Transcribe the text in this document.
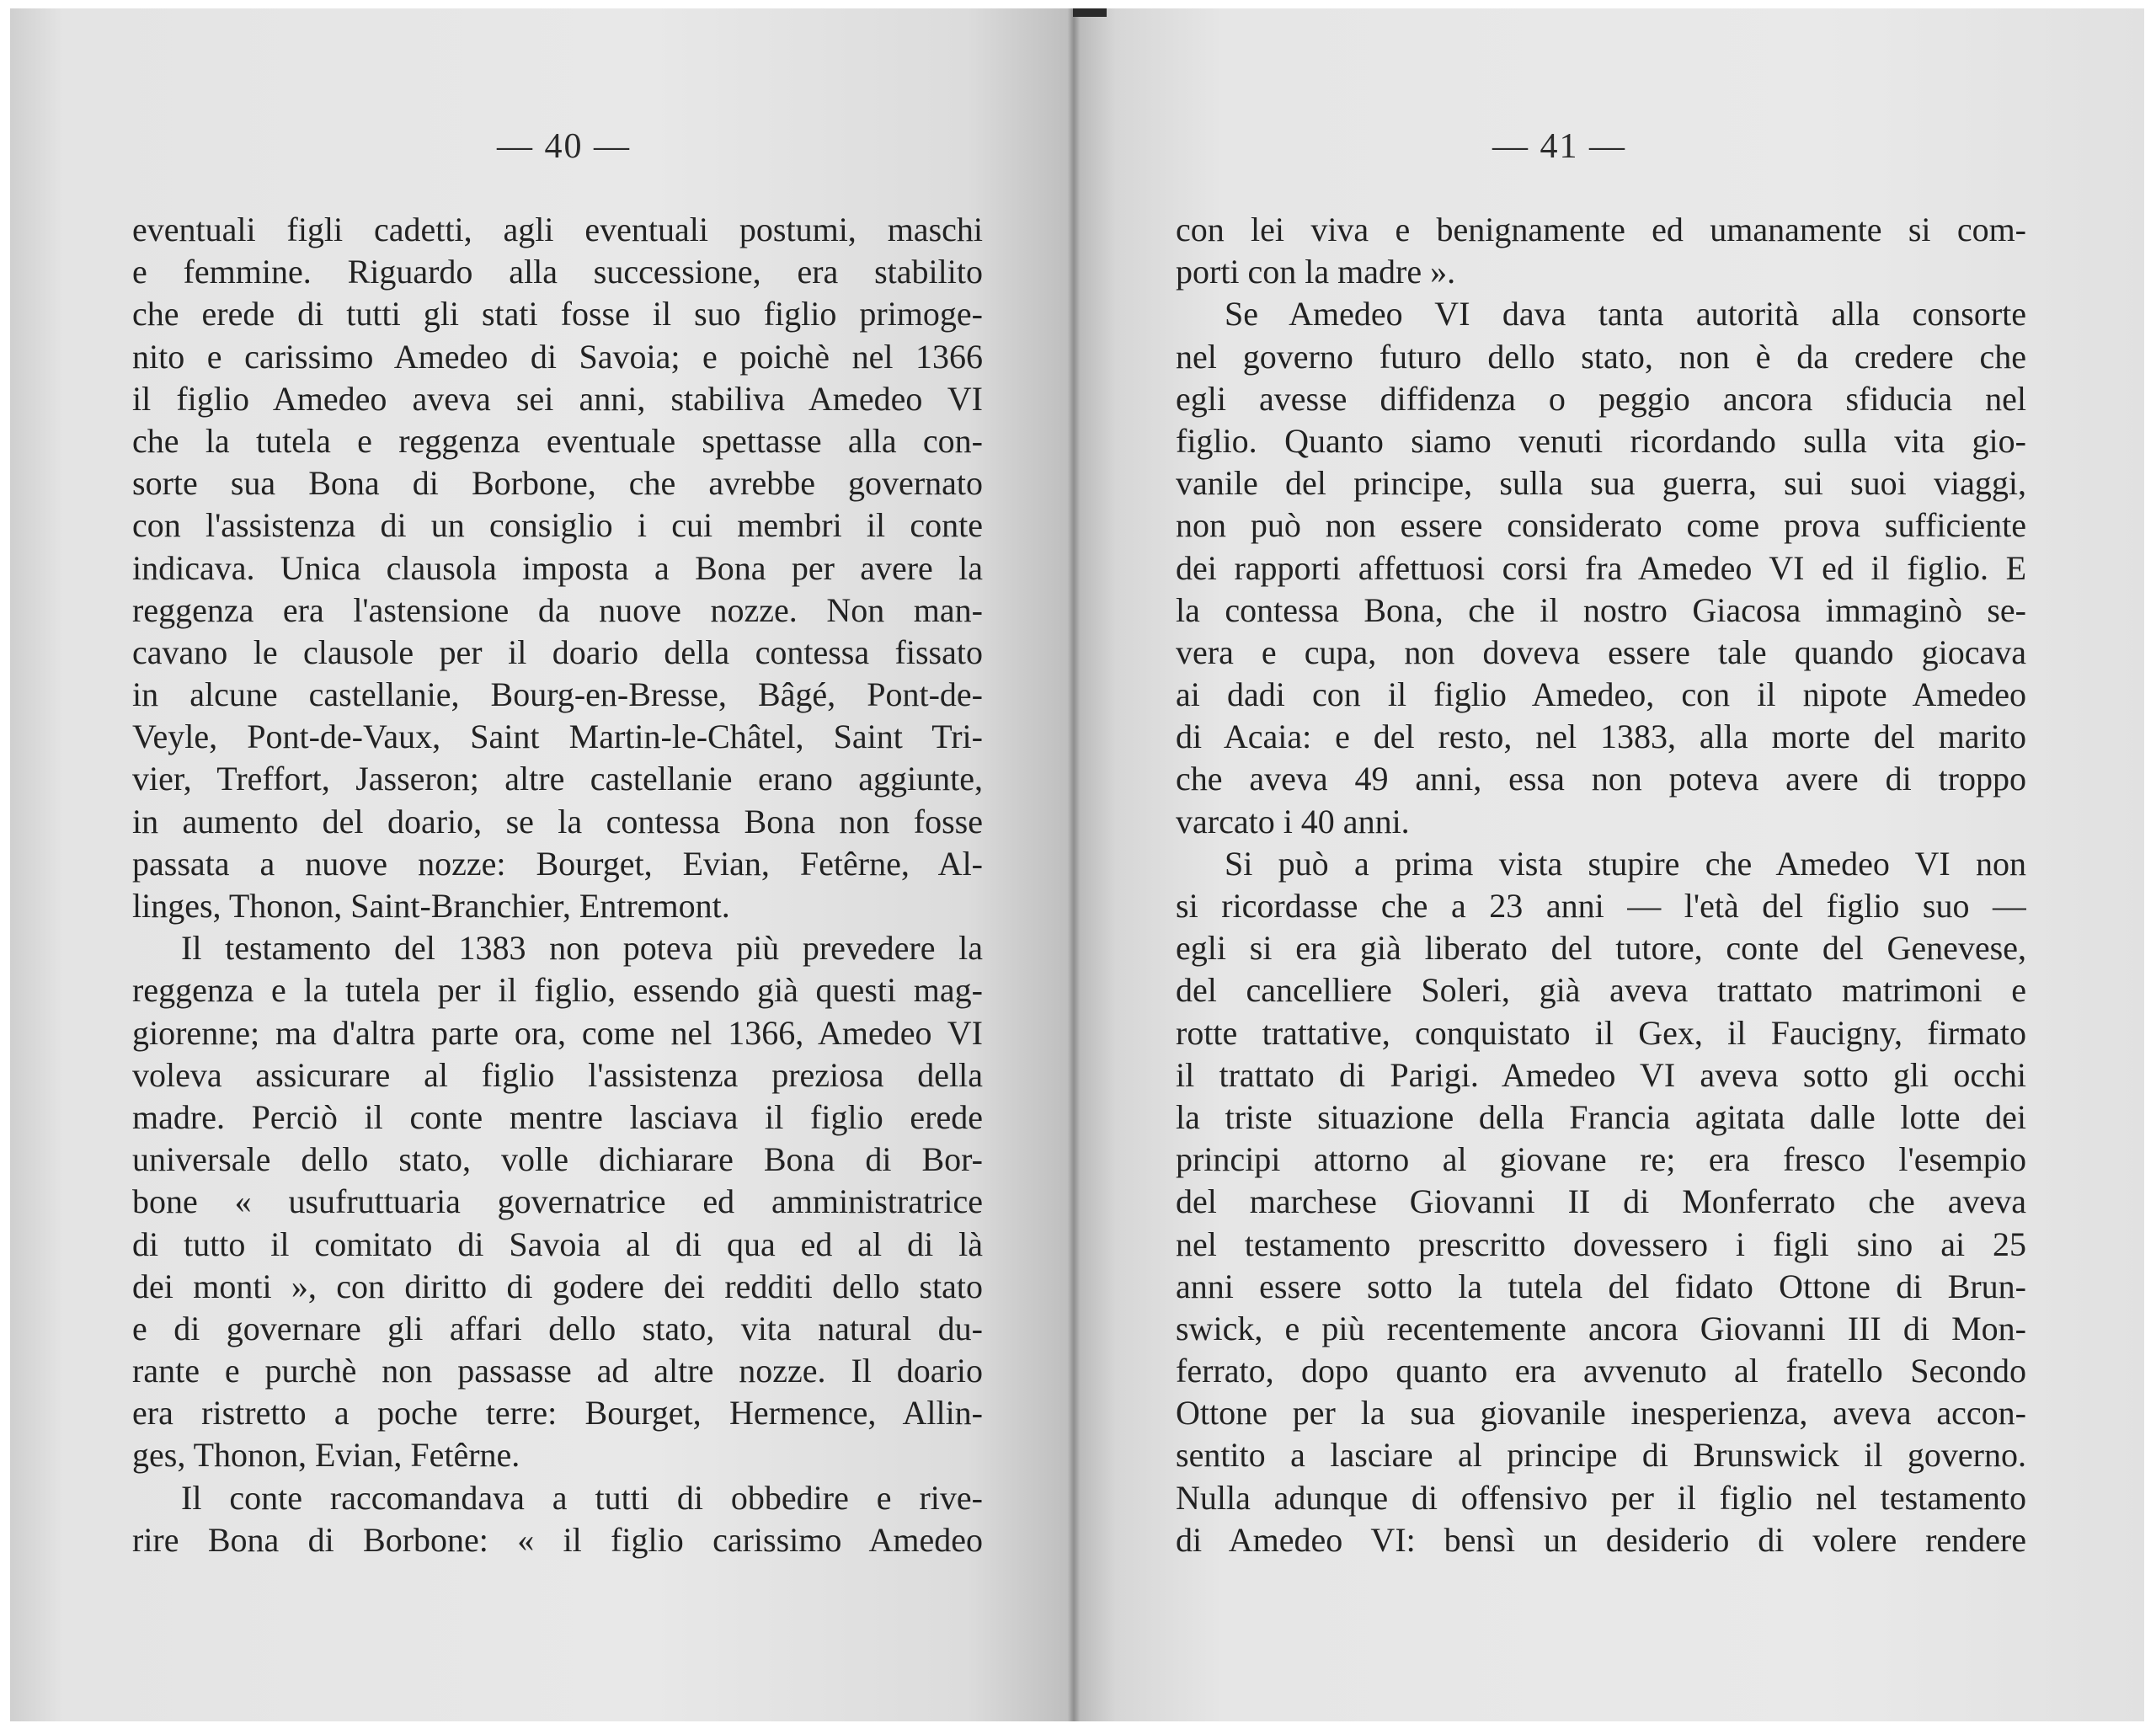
— 40 —
eventuali figli cadetti, agli eventuali postumi, maschi
e femmine. Riguardo alla successione, era stabilito
che erede di tutti gli stati fosse il suo figlio primoge-
nito e carissimo Amedeo di Savoia; e poichè nel 1366
il figlio Amedeo aveva sei anni, stabiliva Amedeo VI
che la tutela e reggenza eventuale spettasse alla con-
sorte sua Bona di Borbone, che avrebbe governato
con l'assistenza di un consiglio i cui membri il conte
indicava. Unica clausola imposta a Bona per avere la
reggenza era l'astensione da nuove nozze. Non man-
cavano le clausole per il doario della contessa fissato
in alcune castellanie, Bourg-en-Bresse, Bâgé, Pont-de-
Veyle, Pont-de-Vaux, Saint Martin-le-Châtel, Saint Tri-
vier, Treffort, Jasseron; altre castellanie erano aggiunte,
in aumento del doario, se la contessa Bona non fosse
passata a nuove nozze: Bourget, Evian, Fetêrne, Al-
linges, Thonon, Saint-Branchier, Entremont.
Il testamento del 1383 non poteva più prevedere la
reggenza e la tutela per il figlio, essendo già questi mag-
giorenne; ma d'altra parte ora, come nel 1366, Amedeo VI
voleva assicurare al figlio l'assistenza preziosa della
madre. Perciò il conte mentre lasciava il figlio erede
universale dello stato, volle dichiarare Bona di Bor-
bone « usufruttuaria governatrice ed amministratrice
di tutto il comitato di Savoia al di qua ed al di là
dei monti », con diritto di godere dei redditi dello stato
e di governare gli affari dello stato, vita natural du-
rante e purchè non passasse ad altre nozze. Il doario
era ristretto a poche terre: Bourget, Hermence, Allin-
ges, Thonon, Evian, Fetêrne.
Il conte raccomandava a tutti di obbedire e rive-
rire Bona di Borbone: « il figlio carissimo Amedeo
— 41 —
con lei viva e benignamente ed umanamente si com-
porti con la madre ».
Se Amedeo VI dava tanta autorità alla consorte
nel governo futuro dello stato, non è da credere che
egli avesse diffidenza o peggio ancora sfiducia nel
figlio. Quanto siamo venuti ricordando sulla vita gio-
vanile del principe, sulla sua guerra, sui suoi viaggi,
non può non essere considerato come prova sufficiente
dei rapporti affettuosi corsi fra Amedeo VI ed il figlio. E
la contessa Bona, che il nostro Giacosa immaginò se-
vera e cupa, non doveva essere tale quando giocava
ai dadi con il figlio Amedeo, con il nipote Amedeo
di Acaia: e del resto, nel 1383, alla morte del marito
che aveva 49 anni, essa non poteva avere di troppo
varcato i 40 anni.
Si può a prima vista stupire che Amedeo VI non
si ricordasse che a 23 anni — l'età del figlio suo —
egli si era già liberato del tutore, conte del Genevese,
del cancelliere Soleri, già aveva trattato matrimoni e
rotte trattative, conquistato il Gex, il Faucigny, firmato
il trattato di Parigi. Amedeo VI aveva sotto gli occhi
la triste situazione della Francia agitata dalle lotte dei
principi attorno al giovane re; era fresco l'esempio
del marchese Giovanni II di Monferrato che aveva
nel testamento prescritto dovessero i figli sino ai 25
anni essere sotto la tutela del fidato Ottone di Brun-
swick, e più recentemente ancora Giovanni III di Mon-
ferrato, dopo quanto era avvenuto al fratello Secondo
Ottone per la sua giovanile inesperienza, aveva accon-
sentito a lasciare al principe di Brunswick il governo.
Nulla adunque di offensivo per il figlio nel testamento
di Amedeo VI: bensì un desiderio di volere rendere
